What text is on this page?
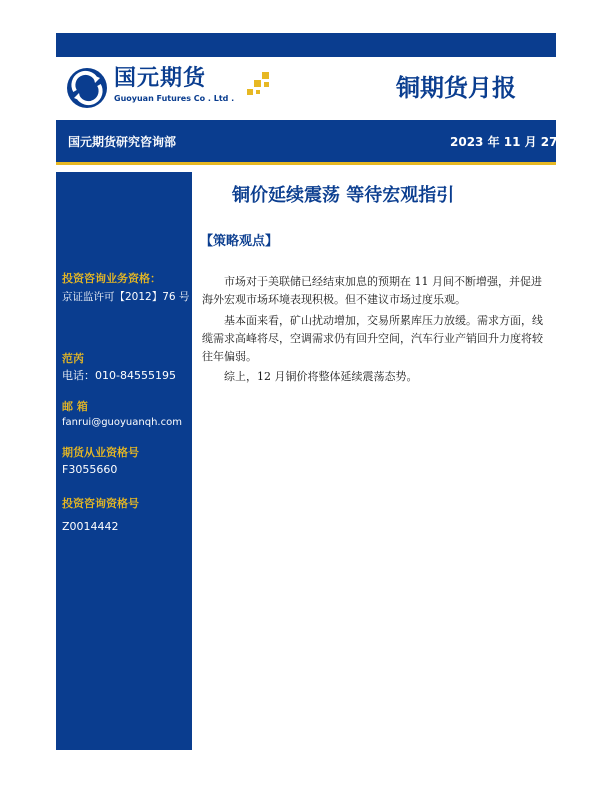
国元期货
Guoyuan Futures Co . Ltd .	铜期货月报
国元期货研究咨询部	2023 年 11 月 27 日
投资咨询业务资格：
京证监许可【2012】76 号
范芮
电话：010-84555195
邮 箱
fanrui@guoyuanqh.com
期货从业资格号
F3055660
投资咨询资格号
Z0014442
铜价延续震荡 等待宏观指引
【策略观点】

市场对于美联储已经结束加息的预期在 11 月间不断增强，并促进海外宏观市场环境表现积极。但不建议市场过度乐观。

基本面来看，矿山扰动增加，交易所累库压力放缓。需求方面，线缆需求高峰将尽，空调需求仍有回升空间，汽车行业产销回升力度将较往年偏弱。

综上，12 月铜价将整体延续震荡态势。
